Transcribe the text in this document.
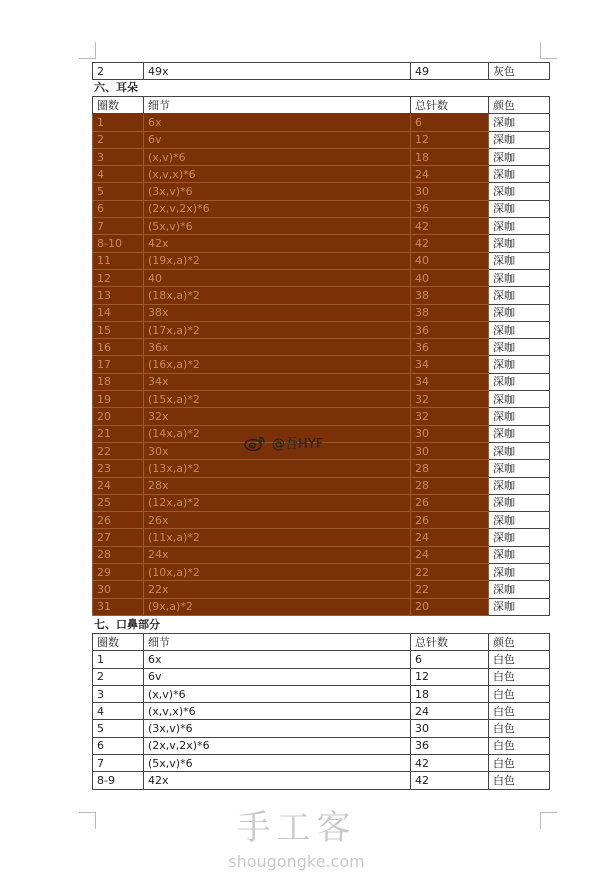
2	49x	49	灰色
六、耳朵
圈数	细节	总针数	颜色
1	6x	6	深咖
2	6v	12	深咖
3	(x,v)*6	18	深咖
4	(x,v,x)*6	24	深咖
5	(3x,v)*6	30	深咖
6	(2x,v,2x)*6	36	深咖
7	(5x,v)*6	42	深咖
8-10	42x	42	深咖
11	(19x,a)*2	40	深咖
12	40	40	深咖
13	(18x,a)*2	38	深咖
14	38x	38	深咖
15	(17x,a)*2	36	深咖
16	36x	36	深咖
17	(16x,a)*2	34	深咖
18	34x	34	深咖
19	(15x,a)*2	32	深咖
20	32x	32	深咖
21	(14x,a)*2	30	深咖
22	30x	30	深咖
23	(13x,a)*2	28	深咖
24	28x	28	深咖
25	(12x,a)*2	26	深咖
26	26x	26	深咖
27	(11x,a)*2	24	深咖
28	24x	24	深咖
29	(10x,a)*2	22	深咖
30	22x	22	深咖
31	(9x,a)*2	20	深咖
七、口鼻部分
圈数	细节	总针数	颜色
1	6x	6	白色
2	6v	12	白色
3	(x,v)*6	18	白色
4	(x,v,x)*6	24	白色
5	(3x,v)*6	30	白色
6	(2x,v,2x)*6	36	白色
7	(5x,v)*6	42	白色
8-9	42x	42	白色
@吾HYF
手工客
shougongke.com
